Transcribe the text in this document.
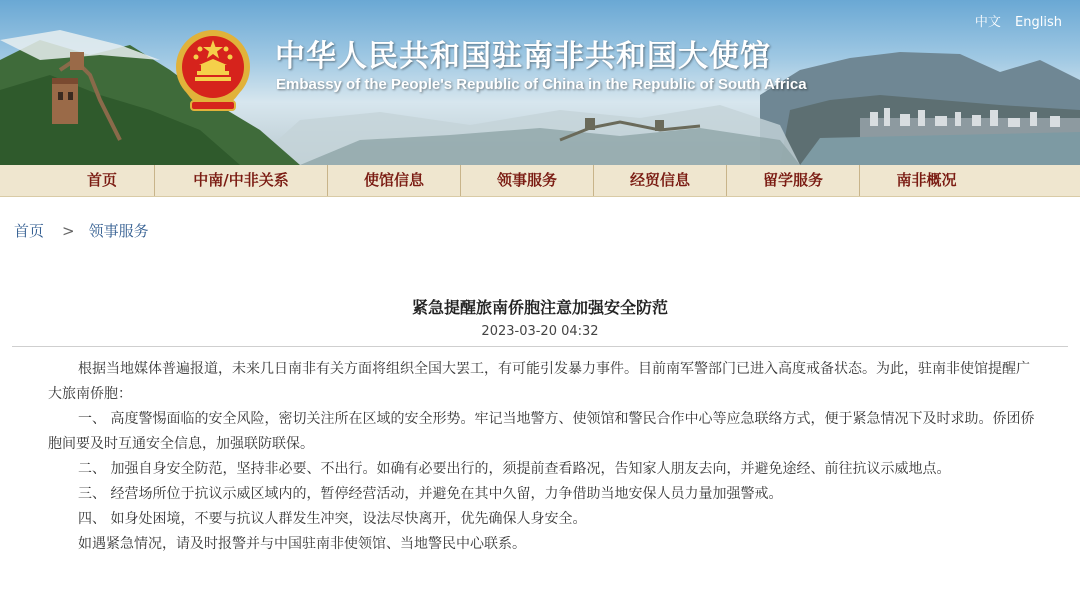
中文 English
中华人民共和国驻南非共和国大使馆
Embassy of the People's Republic of China in the Republic of South Africa
首页	中南/中非关系	使馆信息	领事服务	经贸信息	留学服务	南非概况
首页 > 领事服务
紧急提醒旅南侨胞注意加强安全防范
2023-03-20 04:32

根据当地媒体普遍报道，未来几日南非有关方面将组织全国大罢工，有可能引发暴力事件。目前南军警部门已进入高度戒备状态。为此，驻南非使馆提醒广大旅南侨胞：

一、 高度警惕面临的安全风险，密切关注所在区域的安全形势。牢记当地警方、使领馆和警民合作中心等应急联络方式，便于紧急情况下及时求助。侨团侨胞间要及时互通安全信息，加强联防联保。

二、 加强自身安全防范，坚持非必要、不出行。如确有必要出行的，须提前查看路况，告知家人朋友去向，并避免途经、前往抗议示威地点。

三、 经营场所位于抗议示威区域内的，暂停经营活动，并避免在其中久留，力争借助当地安保人员力量加强警戒。

四、 如身处困境，不要与抗议人群发生冲突，设法尽快离开，优先确保人身安全。

如遇紧急情况，请及时报警并与中国驻南非使领馆、当地警民中心联系。
